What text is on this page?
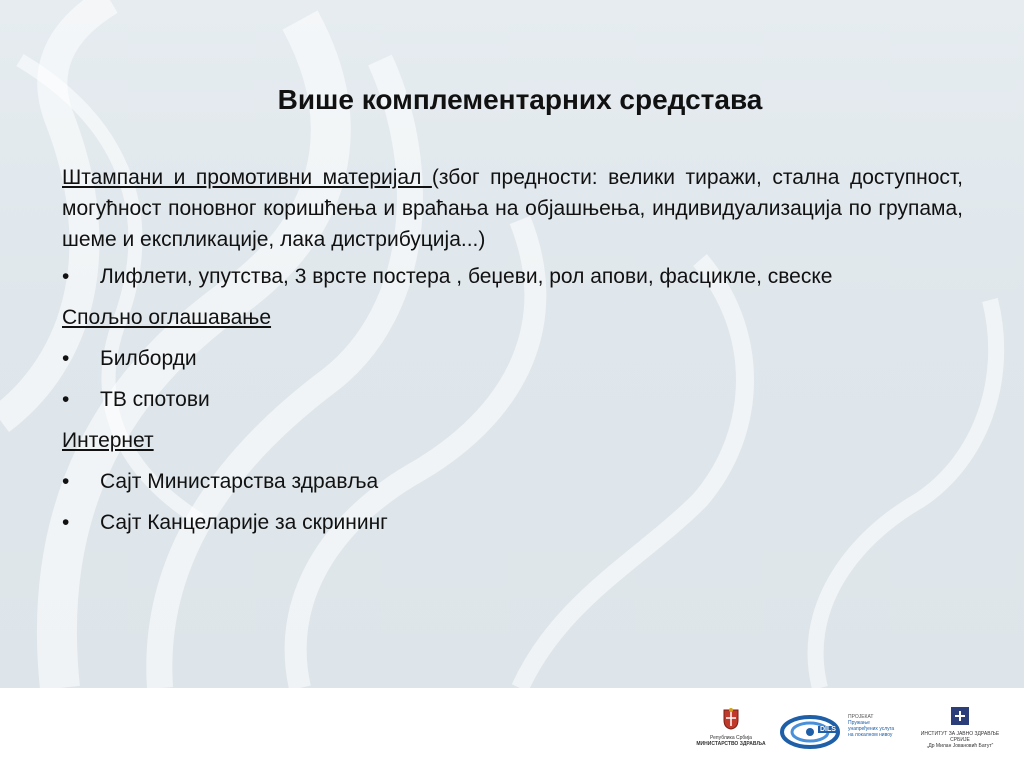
Више комплементарних средстава

Штампани и промотивни материјал (због предности: велики тиражи, стална доступност, могућност поновног коришћења и враћања на објашњења, индивидуализација по групама, шеме и експликације, лака дистрибуција...)

•	Лифлети, упутства, 3 врсте постера , беџеви, рол апови, фасцикле, свеске
Спољно оглашавање
•	Билборди
•	ТВ спотови
Интернет
•	Сајт Министарства здравља
•	Сајт Канцеларије за скрининг
Република Србија
МИНИСТАРСТВО ЗДРАВЉА
DILS
ПРОЈЕКАТ
Пружање
унапређених услуга
на локалном нивоу	ИНСТИТУТ ЗА ЈАВНО ЗДРАВЉЕ СРБИЈЕ
„Др Милан Јовановић Батут“
